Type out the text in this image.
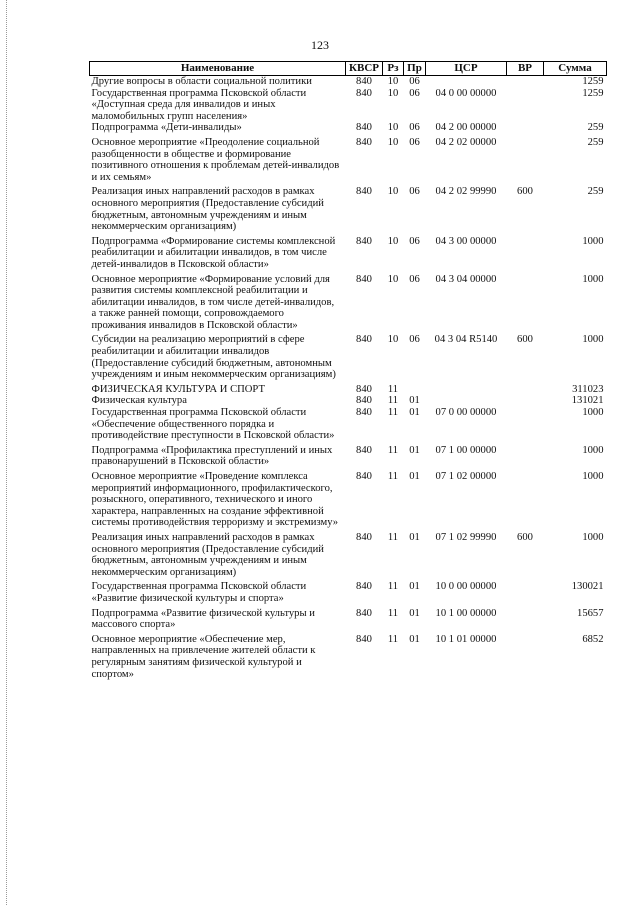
123
Наименование	КВСР	Рз	Пр	ЦСР	ВР	Сумма
Другие вопросы в области социальной политики	840	10	06			1259
Государственная программа Псковской области «Доступная среда для инвалидов и иных маломобильных групп населения»	840	10	06	04 0 00 00000		1259
Подпрограмма «Дети-инвалиды»	840	10	06	04 2 00 00000		259
Основное мероприятие «Преодоление социальной разобщенности в обществе и формирование позитивного отношения к проблемам детей-инвалидов и их семьям»	840	10	06	04 2 02 00000		259
Реализация иных направлений расходов в рамках основного мероприятия (Предоставление субсидий бюджетным, автономным учреждениям и иным некоммерческим организациям)	840	10	06	04 2 02 99990	600	259
Подпрограмма «Формирование системы комплексной реабилитации и абилитации инвалидов, в том числе детей-инвалидов в Псковской области»	840	10	06	04 3 00 00000		1000
Основное мероприятие «Формирование условий для развития системы комплексной реабилитации и абилитации инвалидов, в том числе детей-инвалидов, а также ранней помощи, сопровождаемого проживания инвалидов в Псковской области»	840	10	06	04 3 04 00000		1000
Субсидии на реализацию мероприятий в сфере реабилитации и абилитации инвалидов (Предоставление субсидий бюджетным, автономным учреждениям и иным некоммерческим организациям)	840	10	06	04 3 04 R5140	600	1000
ФИЗИЧЕСКАЯ КУЛЬТУРА И СПОРТ	840	11				311023
Физическая культура	840	11	01			131021
Государственная программа Псковской области «Обеспечение общественного порядка и противодействие преступности в Псковской области»	840	11	01	07 0 00 00000		1000
Подпрограмма «Профилактика преступлений и иных правонарушений в Псковской области»	840	11	01	07 1 00 00000		1000
Основное мероприятие «Проведение комплекса мероприятий информационного, профилактического, розыскного, оперативного, технического и иного характера, направленных на создание эффективной системы противодействия терроризму и экстремизму»	840	11	01	07 1 02 00000		1000
Реализация иных направлений расходов в рамках основного мероприятия (Предоставление субсидий бюджетным, автономным учреждениям и иным некоммерческим организациям)	840	11	01	07 1 02 99990	600	1000
Государственная программа Псковской области «Развитие физической культуры и спорта»	840	11	01	10 0 00 00000		130021
Подпрограмма «Развитие физической культуры и массового спорта»	840	11	01	10 1 00 00000		15657
Основное мероприятие «Обеспечение мер, направленных на привлечение жителей области к регулярным занятиям физической культурой и спортом»	840	11	01	10 1 01 00000		6852
